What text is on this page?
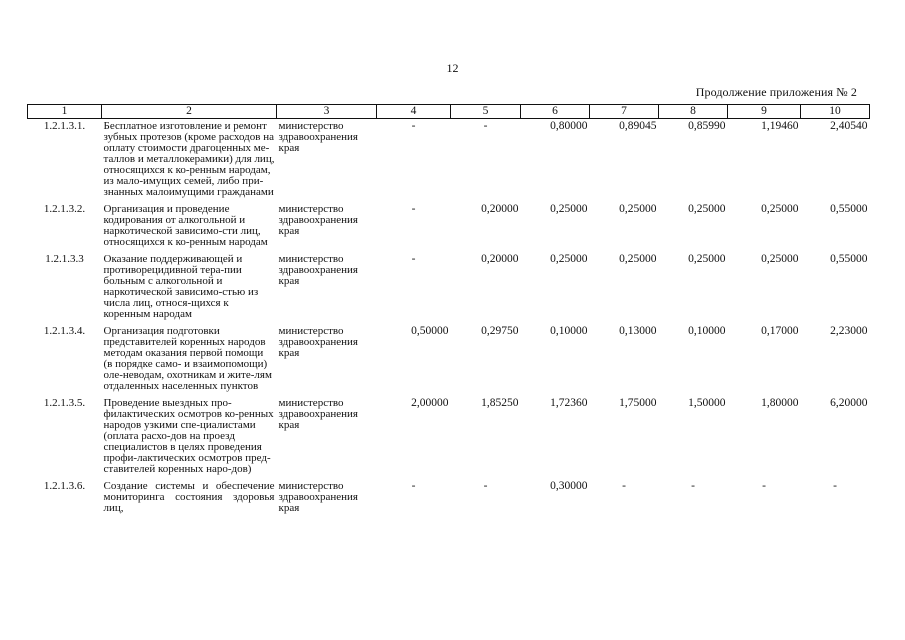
12
Продолжение приложения № 2
1	2	3	4	5	6	7	8	9	10
1.2.1.3.1.	Бесплатное изготовление и ремонт зубных протезов (кроме расходов на оплату стоимости драгоценных ме-таллов и металлокерамики) для лиц, относящихся к ко-ренным народам, из мало-имущих семей, либо при-знанных малоимущими гражданами	министерство здравоохранения края	-	-	0,80000	0,89045	0,85990	1,19460	2,40540
1.2.1.3.2.	Организация и проведение кодирования от алкогольной и наркотической зависимо-сти лиц, относящихся к ко-ренным народам	министерство здравоохранения края	-	0,20000	0,25000	0,25000	0,25000	0,25000	0,55000
1.2.1.3.3	Оказание поддерживающей и противорецидивной тера-пии больным с алкогольной и наркотической зависимо-стью из числа лиц, относя-щихся к коренным народам	министерство здравоохранения края	-	0,20000	0,25000	0,25000	0,25000	0,25000	0,55000
1.2.1.3.4.	Организация подготовки представителей коренных народов методам оказания первой помощи (в порядке само- и взаимопомощи) оле-неводам, охотникам и жите-лям отдаленных населенных пунктов	министерство здравоохранения края	0,50000	0,29750	0,10000	0,13000	0,10000	0,17000	2,23000
1.2.1.3.5.	Проведение выездных про-филактических осмотров ко-ренных народов узкими спе-циалистами (оплата расхо-дов на проезд специалистов в целях проведения профи-лактических осмотров пред-ставителей коренных наро-дов)	министерство здравоохранения края	2,00000	1,85250	1,72360	1,75000	1,50000	1,80000	6,20000
1.2.1.3.6.	Создание системы и обеспечение мониторинга состояния здоровья лиц,	министерство здравоохранения края	-	-	0,30000	-	-	-	-
